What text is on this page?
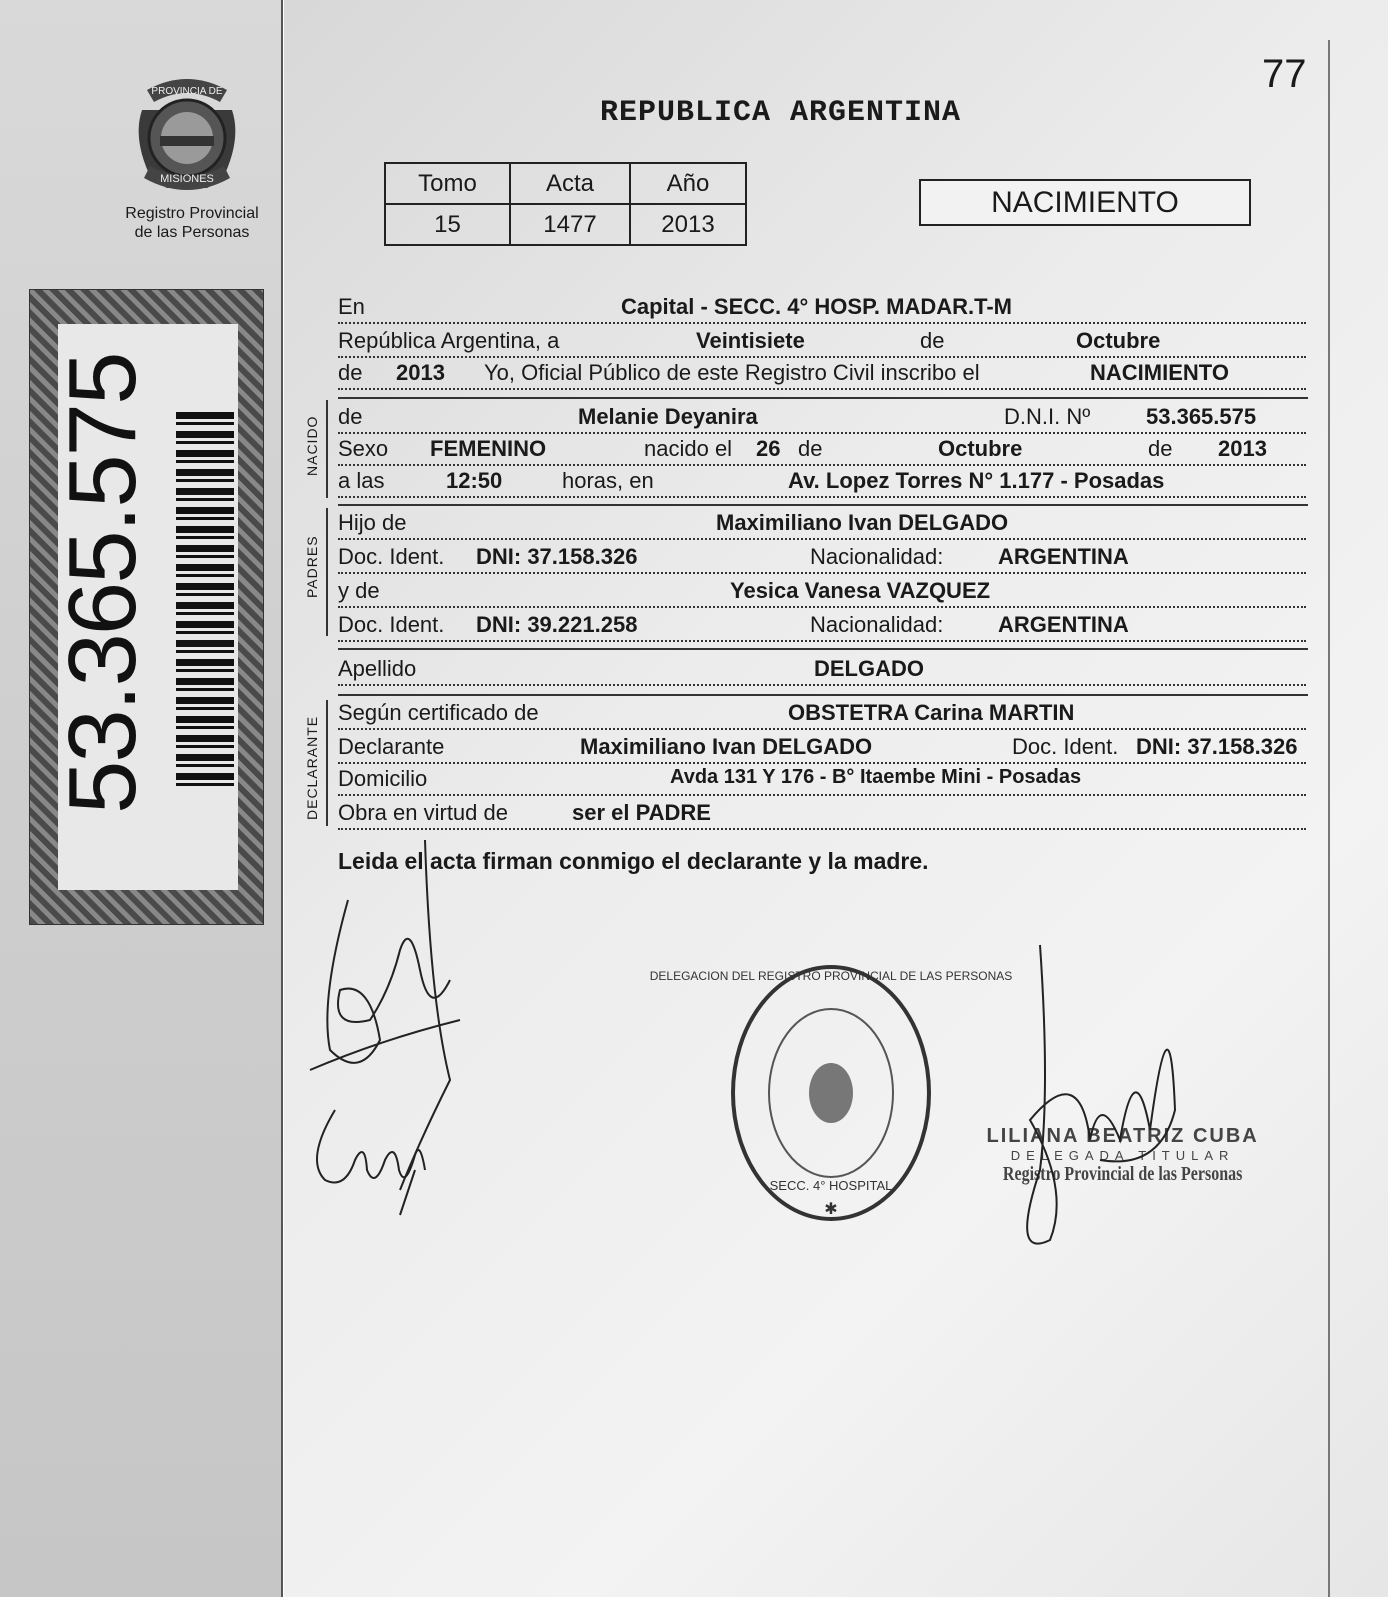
PROVINCIA DE
MISIONES
Registro Provincial
de las Personas
53.365.575
77
REPUBLICA ARGENTINA
Tomo	Acta	Año
15	1477	2013
NACIMIENTO
En	Capital - SECC. 4° HOSP. MADAR.T-M
República Argentina, a	Veintisiete	de	Octubre
de 2013 Yo, Oficial Público de este Registro Civil inscribo el	NACIMIENTO
NACIDO de	Melanie Deyanira	D.N.I. Nº	53.365.575
Sexo FEMENINO	nacido el 26 de	Octubre	de 2013
a las	12:50	horas, en	Av. Lopez Torres N° 1.177 - Posadas
PADRES
Hijo de	Maximiliano Ivan DELGADO
Doc. Ident. DNI: 37.158.326	Nacionalidad: ARGENTINA
y de	Yesica Vanesa VAZQUEZ
Doc. Ident. DNI: 39.221.258	Nacionalidad: ARGENTINA
Apellido	DELGADO
DECLARANTE
Según certificado de	OBSTETRA Carina MARTIN
Declarante	Maximiliano Ivan DELGADO	Doc. Ident. DNI: 37.158.326
Domicilio	Avda 131 Y 176 - B° Itaembe Mini - Posadas
Obra en virtud de	ser el PADRE
Leida el acta firman conmigo el declarante y la madre.
DELEGACION DEL REGISTRO PROVINCIAL DE LAS PERSONAS
SECC. 4° HOSPITAL
✱
LILIANA BEATRIZ CUBA
DELEGADA TITULAR
Registro Provincial de las Personas
